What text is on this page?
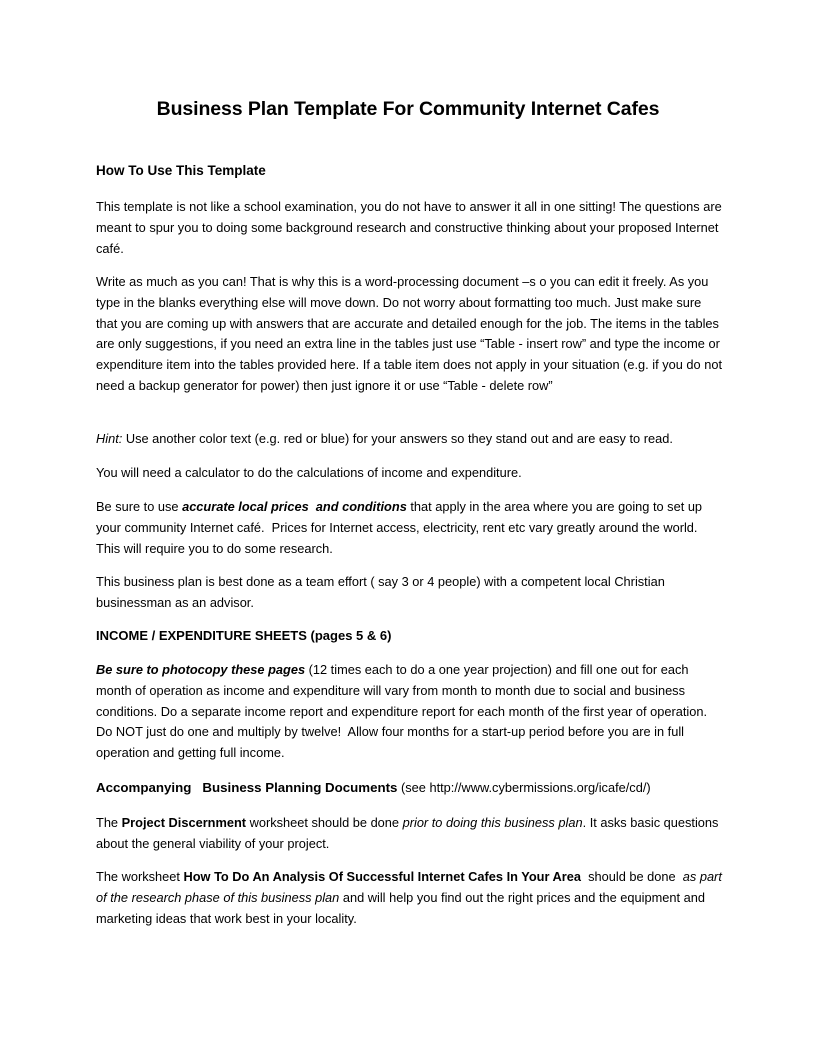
Business Plan Template For Community Internet Cafes
How To Use This Template
This template is not like a school examination, you do not have to answer it all in one sitting! The questions are meant to spur you to doing some background research and constructive thinking about your proposed Internet café.
Write as much as you can! That is why this is a word-processing document –s o you can edit it freely. As you type in the blanks everything else will move down. Do not worry about formatting too much. Just make sure that you are coming up with answers that are accurate and detailed enough for the job. The items in the tables are only suggestions, if you need an extra line in the tables just use “Table - insert row” and type the income or expenditure item into the tables provided here. If a table item does not apply in your situation (e.g. if you do not need a backup generator for power) then just ignore it or use “Table - delete row”
Hint: Use another color text (e.g. red or blue) for your answers so they stand out and are easy to read.
You will need a calculator to do the calculations of income and expenditure.
Be sure to use accurate local prices  and conditions that apply in the area where you are going to set up your community Internet café.  Prices for Internet access, electricity, rent etc vary greatly around the world. This will require you to do some research.
This business plan is best done as a team effort ( say 3 or 4 people) with a competent local Christian businessman as an advisor.
INCOME / EXPENDITURE SHEETS (pages 5 & 6)
Be sure to photocopy these pages (12 times each to do a one year projection) and fill one out for each month of operation as income and expenditure will vary from month to month due to social and business conditions. Do a separate income report and expenditure report for each month of the first year of operation.  Do NOT just do one and multiply by twelve!  Allow four months for a start-up period before you are in full operation and getting full income.
Accompanying   Business Planning Documents (see http://www.cybermissions.org/icafe/cd/)
The Project Discernment worksheet should be done prior to doing this business plan. It asks basic questions about the general viability of your project.
The worksheet How To Do An Analysis Of Successful Internet Cafes In Your Area  should be done  as part of the research phase of this business plan and will help you find out the right prices and the equipment and marketing ideas that work best in your locality.
